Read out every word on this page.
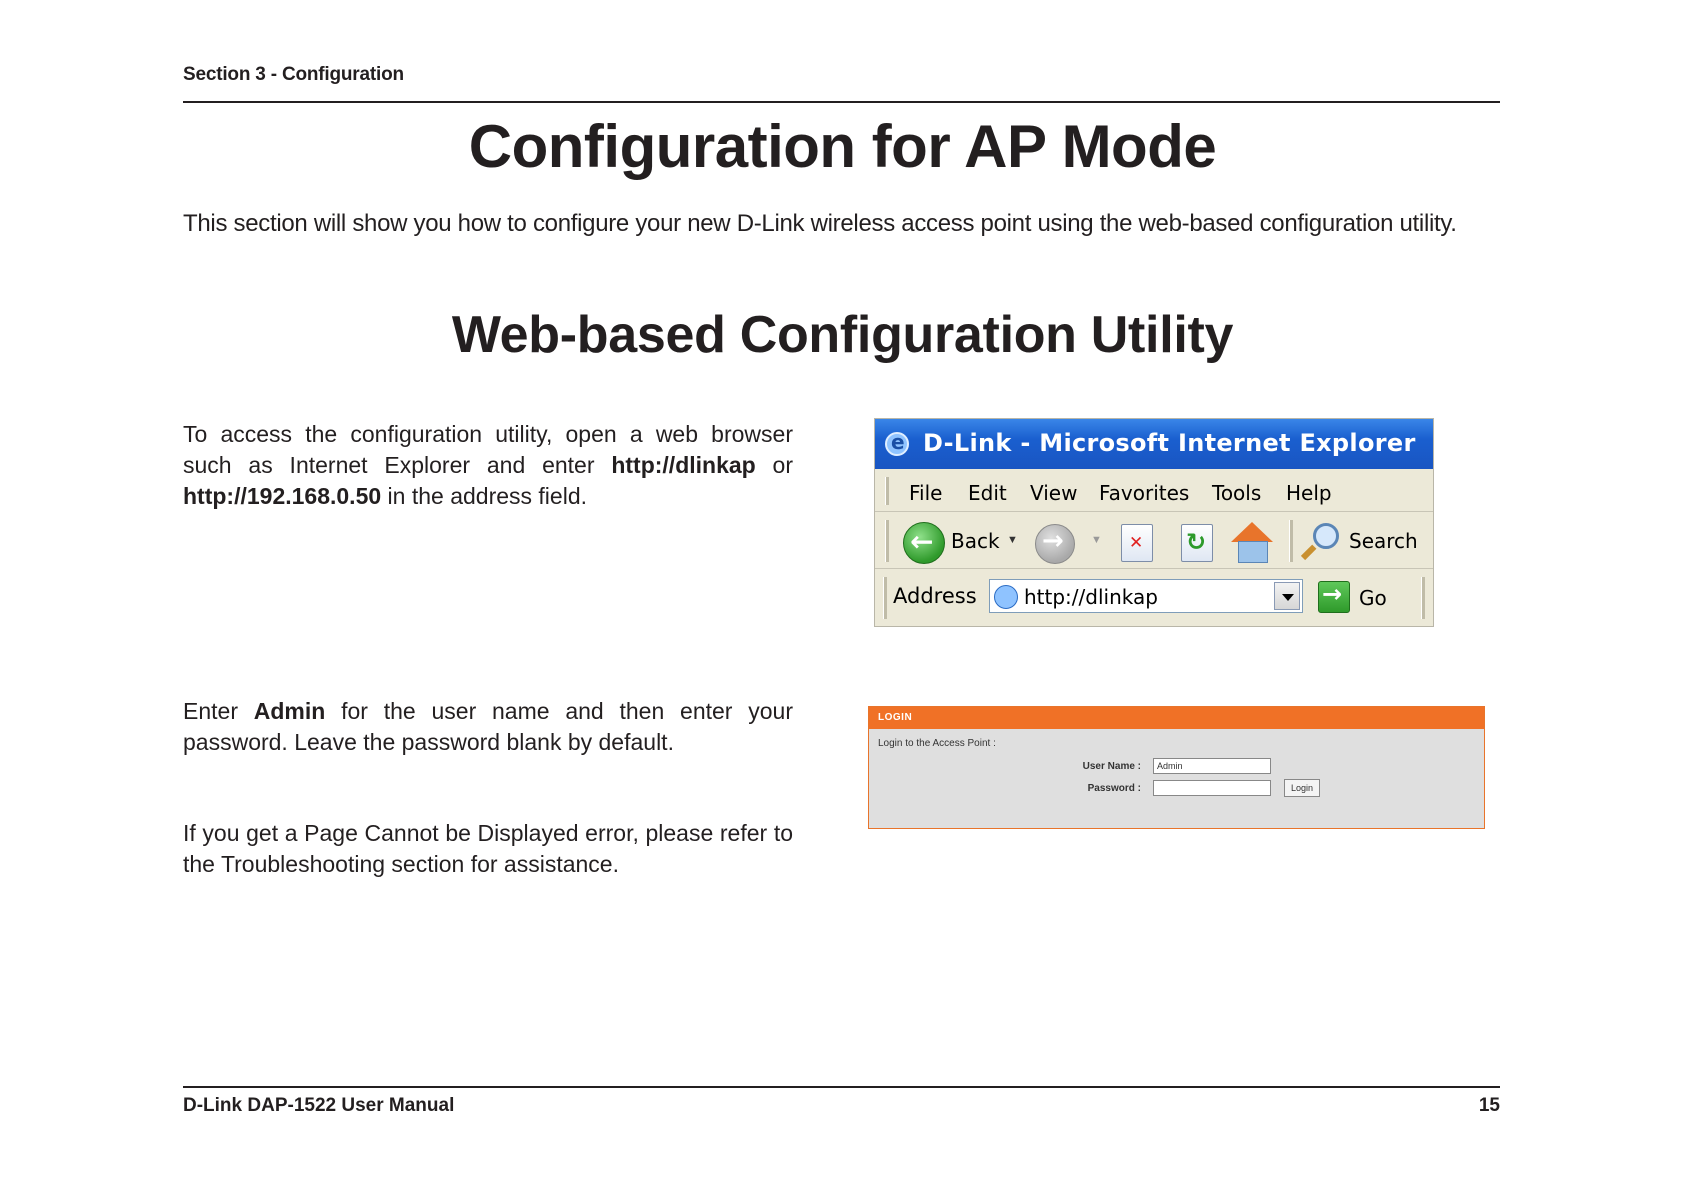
Section 3 - Configuration
Configuration for AP Mode
This section will show you how to configure your new D-Link wireless access point using the web-based configuration utility.
Web-based Configuration Utility
To access the configuration utility, open a web browser such as Internet Explorer and enter http://dlinkap or http://192.168.0.50 in the address field.
Enter Admin for the user name and then enter your password. Leave the password blank by default.
If you get a Page Cannot be Displayed error, please refer to the Troubleshooting section for assistance.
e
D-Link - Microsoft Internet Explorer
File Edit View Favorites Tools Help
←
Back ▼ →	▼ ✕ ↻	Search
Address http://dlinkap →	Go
LOGIN
Login to the Access Point :
User Name :	Admin
Password :	Login
D-Link DAP-1522 User Manual	15
